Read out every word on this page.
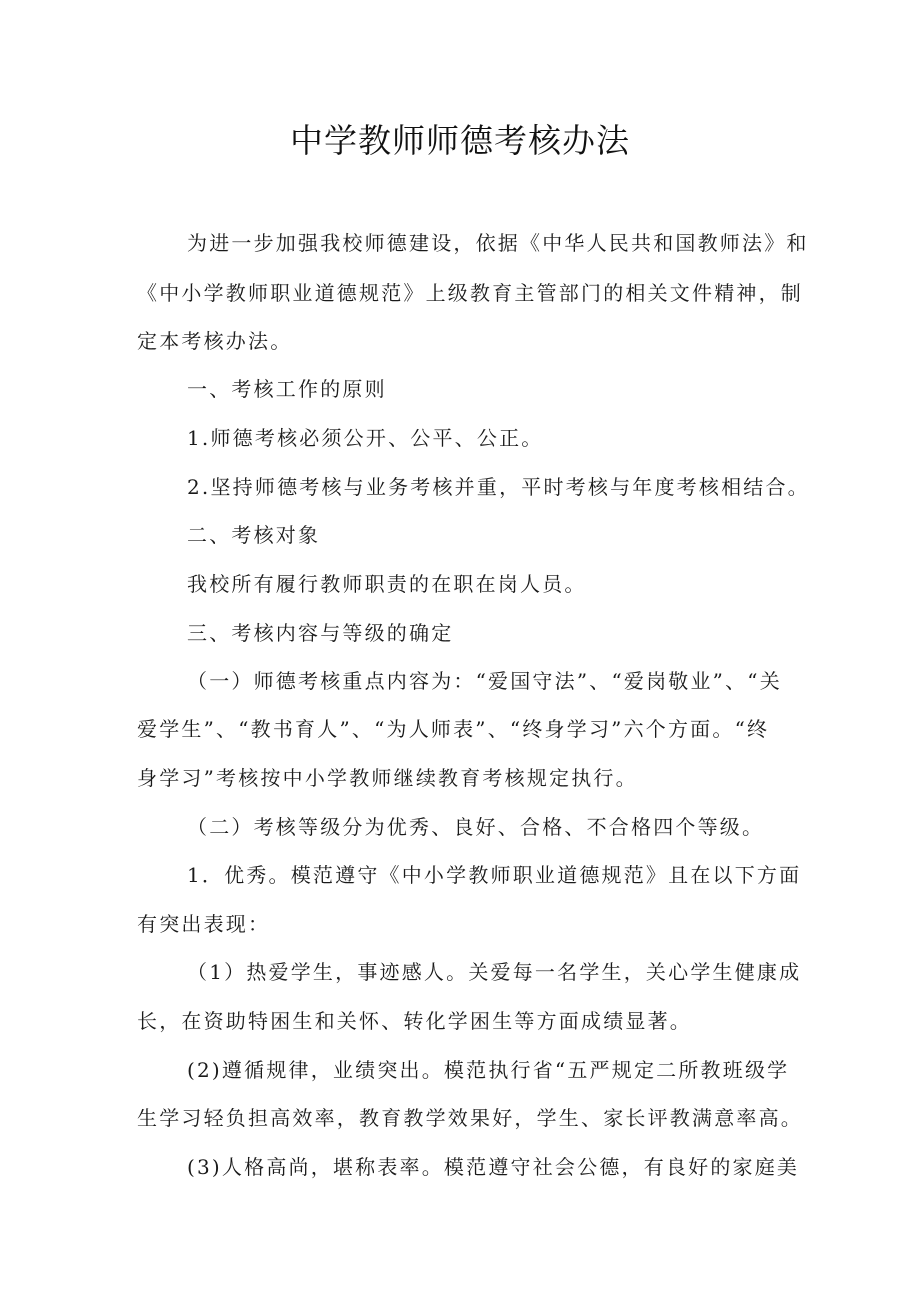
中学教师师德考核办法
为进一步加强我校师德建设，依据《中华人民共和国教师法》和
《中小学教师职业道德规范》上级教育主管部门的相关文件精神，制
定本考核办法。
一、考核工作的原则
1.师德考核必须公开、公平、公正。
2.坚持师德考核与业务考核并重，平时考核与年度考核相结合。
二、考核对象
我校所有履行教师职责的在职在岗人员。
三、考核内容与等级的确定
（一）师德考核重点内容为：“爱国守法”、“爱岗敬业”、“关
爱学生”、“教书育人”、“为人师表”、“终身学习”六个方面。“终
身学习”考核按中小学教师继续教育考核规定执行。
（二）考核等级分为优秀、良好、合格、不合格四个等级。
1．优秀。模范遵守《中小学教师职业道德规范》且在以下方面
有突出表现：
（1）热爱学生，事迹感人。关爱每一名学生，关心学生健康成
长，在资助特困生和关怀、转化学困生等方面成绩显著。
(2)遵循规律，业绩突出。模范执行省“五严规定二所教班级学
生学习轻负担高效率，教育教学效果好，学生、家长评教满意率高。
(3)人格高尚，堪称表率。模范遵守社会公德，有良好的家庭美
